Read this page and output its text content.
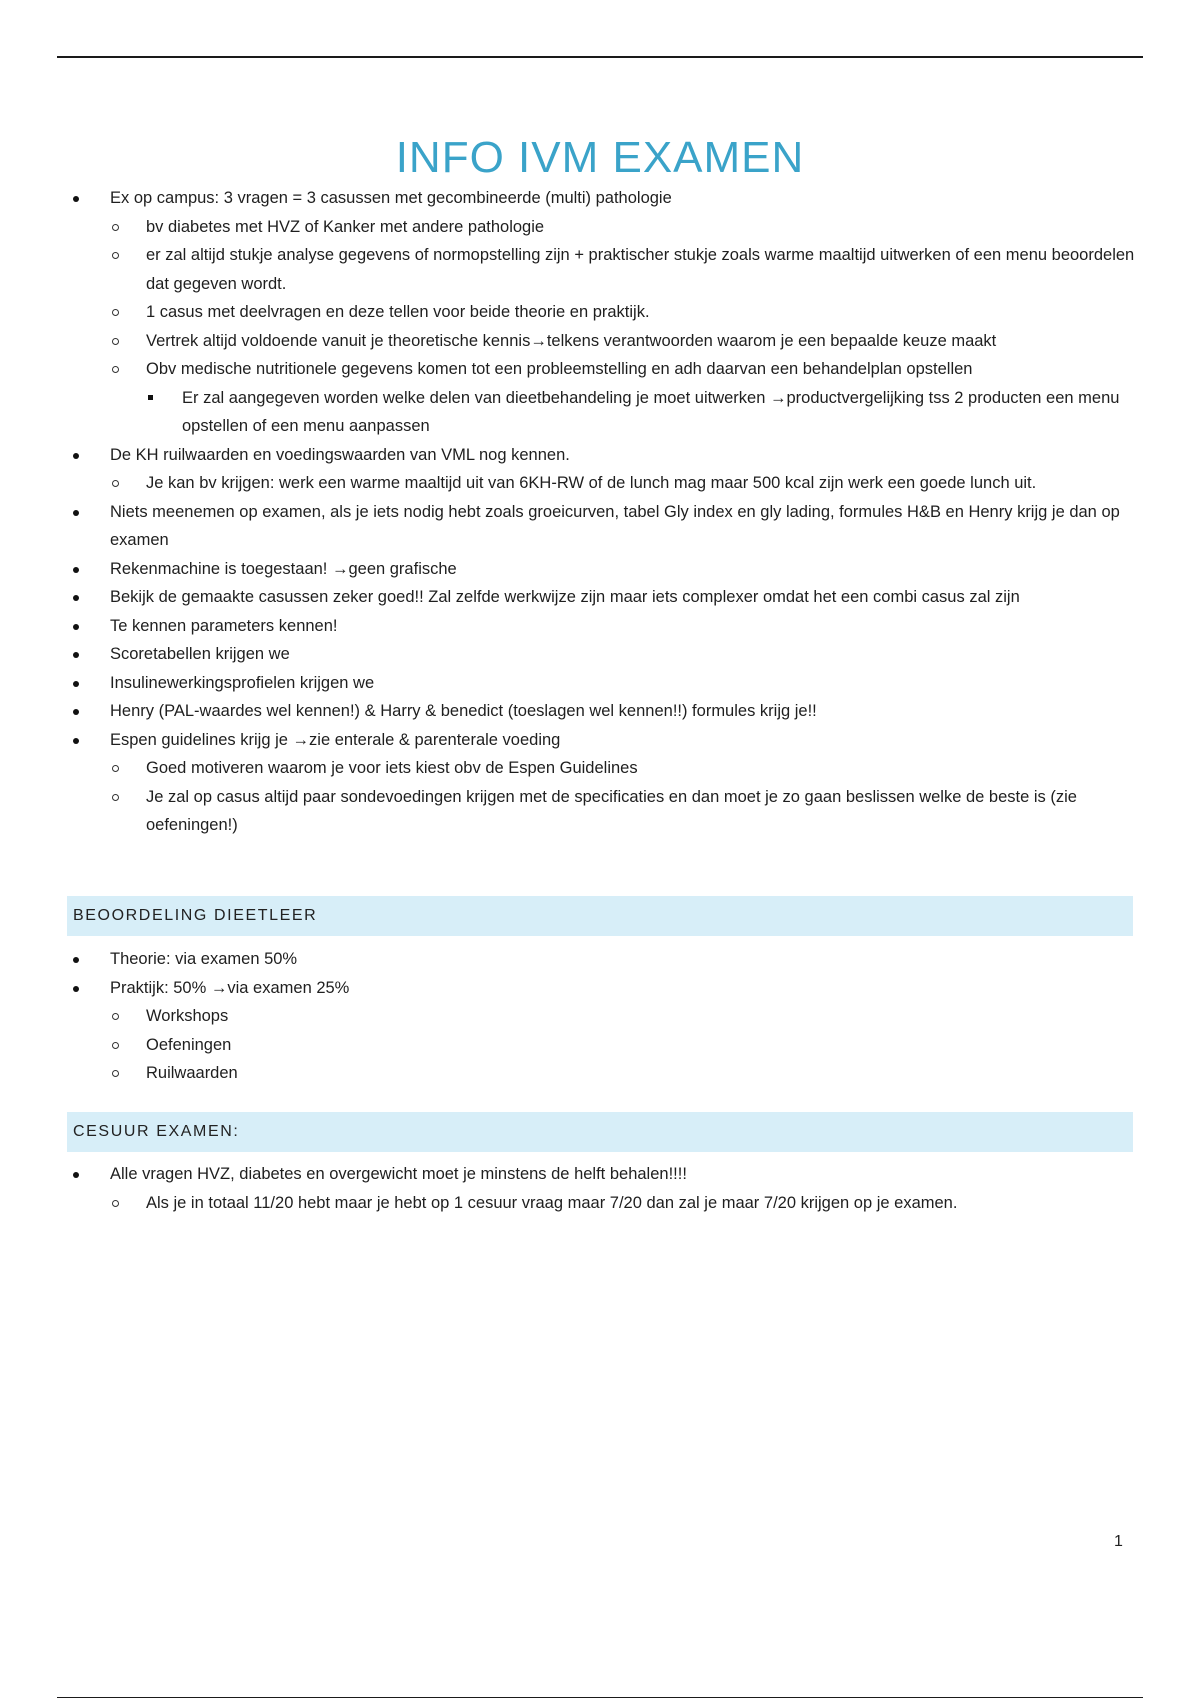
INFO IVM EXAMEN
Ex op campus: 3 vragen = 3 casussen met gecombineerde (multi) pathologie
bv diabetes met HVZ of Kanker met andere pathologie
er zal altijd stukje analyse gegevens of normopstelling zijn + praktischer stukje zoals warme maaltijd uitwerken of een menu beoordelen dat gegeven wordt.
1 casus met deelvragen en deze tellen voor beide theorie en praktijk.
Vertrek altijd voldoende vanuit je theoretische kennis→telkens verantwoorden waarom je een bepaalde keuze maakt
Obv medische nutritionele gegevens komen tot een probleemstelling en adh daarvan een behandelplan opstellen
Er zal aangegeven worden welke delen van dieetbehandeling je moet uitwerken →productvergelijking tss 2 producten een menu opstellen of een menu aanpassen
De KH ruilwaarden en voedingswaarden van VML nog kennen.
Je kan bv krijgen: werk een warme maaltijd uit van 6KH-RW of de lunch mag maar 500 kcal zijn werk een goede lunch uit.
Niets meenemen op examen, als je iets nodig hebt zoals groeicurven, tabel Gly index en gly lading, formules H&B en Henry krijg je dan op examen
Rekenmachine is toegestaan! →geen grafische
Bekijk de gemaakte casussen zeker goed!! Zal zelfde werkwijze zijn maar iets complexer omdat het een combi casus zal zijn
Te kennen parameters kennen!
Scoretabellen krijgen we
Insulinewerkingsprofielen krijgen we
Henry (PAL-waardes wel kennen!) & Harry & benedict (toeslagen wel kennen!!) formules krijg je!!
Espen guidelines krijg je →zie enterale & parenterale voeding
Goed motiveren waarom je voor iets kiest obv de Espen Guidelines
Je zal op casus altijd paar sondevoedingen krijgen met de specificaties en dan moet je zo gaan beslissen welke de beste is (zie oefeningen!)
BEOORDELING DIEETLEER
Theorie: via examen 50%
Praktijk: 50% →via examen 25%
Workshops
Oefeningen
Ruilwaarden
CESUUR EXAMEN:
Alle vragen HVZ, diabetes en overgewicht moet je minstens de helft behalen!!!!
Als je in totaal 11/20 hebt maar je hebt op 1 cesuur vraag maar 7/20 dan zal je maar 7/20 krijgen op je examen.
1
